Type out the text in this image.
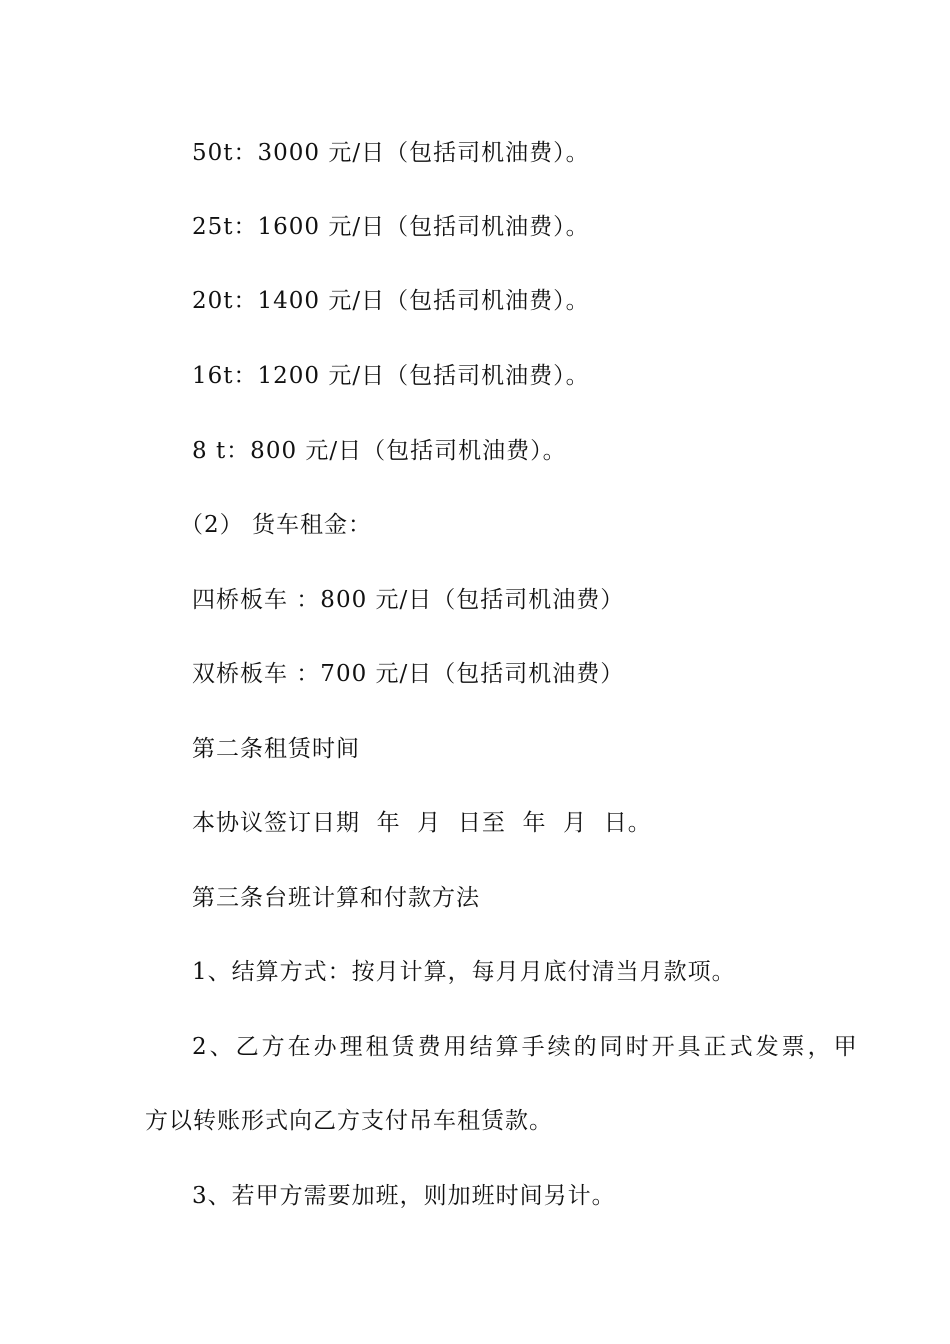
50t：3000 元/日（包括司机油费）。
25t：1600 元/日（包括司机油费）。
20t：1400 元/日（包括司机油费）。
16t：1200 元/日（包括司机油费）。
8 t：800 元/日（包括司机油费）。
（2） 货车租金：
四桥板车 ：800 元/日（包括司机油费）
双桥板车 ：700 元/日（包括司机油费）
第二条租赁时间
本协议签订日期  年  月  日至  年  月  日。
第三条台班计算和付款方法
1、结算方式：按月计算，每月月底付清当月款项。
2、乙方在办理租赁费用结算手续的同时开具正式发票，甲
方以转账形式向乙方支付吊车租赁款。
3、若甲方需要加班，则加班时间另计。
